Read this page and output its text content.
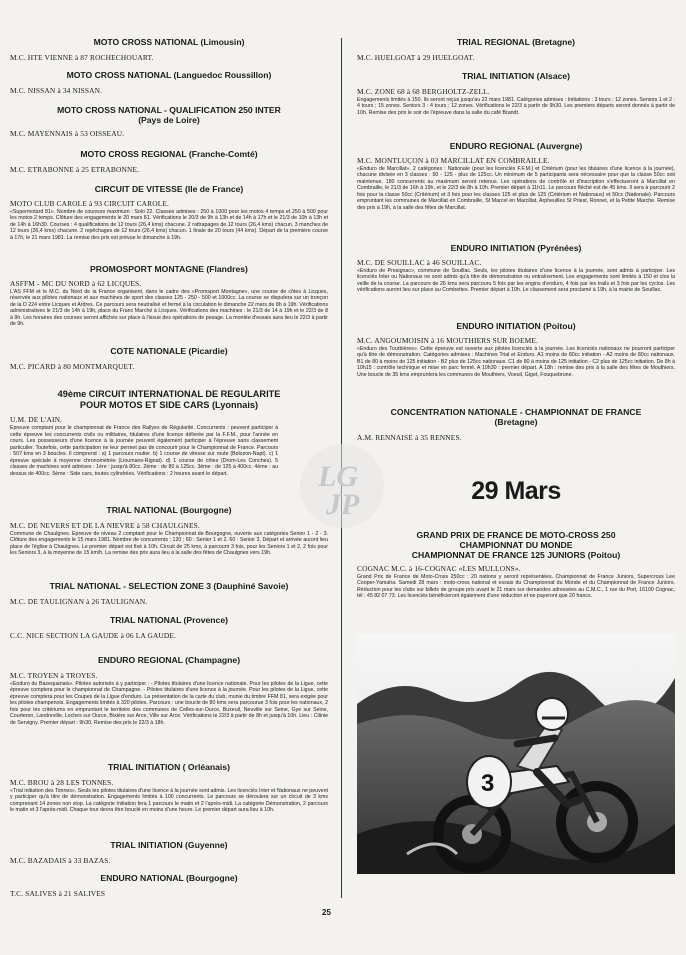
MOTO CROSS NATIONAL (Limousin)

M.C. HTE VIENNE à 87 ROCHECHOUART.

MOTO CROSS NATIONAL (Languedoc Roussillon)

M.C. NISSAN à 34 NISSAN.

MOTO CROSS NATIONAL - QUALIFICATION 250 INTER

(Pays de Loire)

M.C. MAYENNAIS à 53 OISSEAU.

MOTO CROSS REGIONAL (Franche-Comté)

M.C. ETRABONNE à 25 ETRABONNE.

CIRCUIT DE VITESSE (Ile de France)

MOTO CLUB CAROLE à 93 CIRCUIT CAROLE.

«Supermotard 81». Nombre de coureurs maximum : Solo 22. Classes admises : 250 à 1000 pour les motos 4 temps et 250 à 500 pour les motos 2 temps. Clôture des engagements le 20 mars 81. Vérifications le 20/3 de 9h à 13h et de 14h à 17h et le 21/3 de 10h à 13h et de 14h à 16h30. Courses : 4 qualifications de 12 tours (26,4 kms) chacune. 2 rattrapages de 12 tours (26,4 kms) chacun. 3 manches de 12 tours (26,4 kms) chacune. 2 repêchages de 12 tours (26,4 kms) chacun. 1 finale de 20 tours (44 kms). Départ de la première course à 17h, le 21 mars 1981. La remise des prix est prévue le dimanche à 19h.

PROMOSPORT MONTAGNE (Flandres)

ASFFM - MC DU NORD à 62 LICQUES.

L'AS FFM et le M.C. du Nord de la France organisent, dans le cadre des «Promsport Montagne», une course de côtes à Licques, réservée aux pilotes nationaux et aux machines de sport des classes 125 - 250 - 500 et 1000cc. La course se disputera sur un tronçon de la D 224 entre Licques et Ardres. Ce parcours sera neutralisé et fermé à la circulation le dimanche 22 mars de 8h à 19h. Vérifications administratives le 21/3 de 14h à 19h, place du Franc Marché à Licques. Vérifications des machines : le 21/3 de 14 à 19h et le 22/3 de 8 à 9h. Les horaires des courses seront affichés sur place à l'issue des opérations de pesage. La montée d'essais aura lieu le 22/3 à partir de 9h.

COTE NATIONALE (Picardie)

M.C. PICARD à 80 MONTMARQUET.

49ème CIRCUIT INTERNATIONAL DE REGULARITE

POUR MOTOS ET SIDE CARS (Lyonnais)

U.M. DE L'AIN.

Epreuve comptant pour le championnat de France des Rallyes de Régularité. Concurrents : peuvent participer à cette épreuve les concurrents civils ou militaires, titulaires d'une licence délivrée par la F.F.M., pour l'année en cours. Les possesseurs d'une licence à la journée peuvent également participer à l'épreuve sans classement particulier. Toutefois, cette participation ne leur permet pas de concourir pour le Championnat de France. Parcours : 507 kms en 3 boucles. Il comprend : a) 1 parcours routier. b) 1 course de vitesse sur route (Bolozon-Napt). c) 1 épreuve spéciale à moyenne chronométrée (Lioumans-Rignat). d) 1 course de côtes (Drom-Les Conches). 5 classes de machines sont admises : 1ère : jusqu'à 80cc. 2ème : de 80 à 125cc. 3ème : de 125 à 400cc. 4ème : au dessus de 400cc. 5ème : Side cars, toutes cylindrées. Vérifications : 2 heures avant le départ.

TRIAL NATIONAL (Bourgogne)

M.C. DE NEVERS ET DE LA NIEVRE à 58 CHAULGNES.

Commune de Chaulgnes. Epreuve de niveau 2 comptant pour le Championnat de Bourgogne, ouverte aux catégories Senior 1 - 2 - 3. Clôture des engagements le 15 mars 1981. Nombre de concurrents : 120 ; 60 : Senior 1 et 2. 60 : Senior 3. Départ et arrivée auront lieu place de l'église à Chaulgnes. Le premier départ est fixé à 10h. Circuit de 25 kms, à parcourir 3 fois, pour les Seniors 1 et 2, 2 fois pour les Seniors 3, à la moyenne de 15 km/h. La remise des prix aura lieu à la salle des fêtes de Chaulgnes vers 19h.

TRIAL NATIONAL - SELECTION ZONE 3 (Dauphiné Savoie)

M.C. DE TAULIGNAN à 26 TAULIGNAN.

TRIAL NATIONAL (Provence)

C.C. NICE SECTION LA GAUDE à 06 LA GAUDE.

ENDURO REGIONAL (Champagne)

M.C. TROYEN à TROYES.

«Enduro du Basequanais». Pilotes autorisés à y participer : - Pilotes titulaires d'une licence nationale. Pour les pilotes de la Ligue, cette épreuve comptera pour le championnat de Champagne. - Pilotes titulaires d'une licence à la journée. Pour les pilotes de la Ligue, cette épreuve comptera pour les Coupes de la Ligue d'enduro. La présentation de la carte du club, munie du timbre FFM 81, sera exigée pour les pilotes champenois. Engagements limités à 320 pilotes. Parcours : une boucle de 80 kms sera parcourue 3 fois pour les nationaux, 2 fois pour les critériums en empruntant le territoire des communes de Celles-sur-Ource, Buxeuil, Neuville sur Seine, Gye sur Seine, Courteron, Landreville, Loches sur Ource, Bixière sur Arce, Ville sur Arce. Vérifications le 22/3 à partir de 8h et jusqu'à 10h. Lieu : Cilinie de Servigny. Premier départ : 9h30. Remise des prix le 22/3 à 18h.

TRIAL INITIATION ( Orléanais)

M.C. BROU à 28 LES TONNES.

«Trial initiation des Tonnes». Seuls les pilotes titulaires d'une licence à la journée sont admis. Les licenciés Inter et Nationaux ne peuvent y participer qu'à titre de démonstration. Engagements limités à 100 concurrents. Le parcours se déroulera sur un circuit de 3 kms comprenant 14 zones non stop. La catégorie Initiation fera 1 parcours le matin et 2 l'après-midi. La catégorie Démonstration, 2 parcours le matin et 3 l'après-midi. Chaque tour devra être bouclé en moins d'une heure. Le premier départ aura lieu à 10h.

TRIAL INITIATION (Guyenne)

M.C. BAZADAIS à 33 BAZAS.

ENDURO NATIONAL (Bourgogne)

T.C. SALIVES à 21 SALIVES

TRIAL REGIONAL (Bretagne)

M.C. HUELGOAT à 29 HUELGOAT.

TRIAL INITIATION (Alsace)

M.C. ZONE 68 à 68 BERGHOLTZ-ZELL.

Engagements limités à 150. Ils seront reçus jusqu'au 22 mars 1981. Catégories admises : Initiations : 3 tours ; 12 zones. Seniors 1 et 2 : 4 tours ; 15 zones. Seniors 3 : 4 tours ; 12 zones. Vérifications le 22/3 à partir de 9h30. Les premiers départs seront donnés à partir de 10h. Remise des prix le soir de l'épreuve dans la salle du café Brandt.

ENDURO REGIONAL (Auvergne)

M.C. MONTLUÇON à 03 MARCILLAT EN COMBRAILLE.

«Enduro de Marcillat». 2 catégories : Nationale (pour les licenciés F.F.M.) et Critérium (pour les titulaires d'une licence à la journée), chacune divisée en 3 classes : 50 - 125 - plus de 125cc. Un minimum de 5 participants sera nécessaire pour que la classe 50cc soit maintenue. 180 concurrents au maximum seront retenus. Les opérations de contrôle et d'inscription s'effectueront à Marcillat en Combraille, le 21/3 de 16h à 19h, et le 22/3 de 8h à 10h. Premier départ à 11h11. Le parcours fléché est de 45 kms. Il sera à parcourir 2 fois pour la classe 50cc (Critérium) et 3 fois pour les classes 125 et plus de 125 (Critérium et Nationaux) et 50cc (Nationale). Parcours empruntant les communes de Marcillat en Combraille, St Marcel en Marcillat, Arpheuilles St Priest, Ronnet, et la Petite Marche. Remise des prix à 19h, à la salle des fêtes de Marcillat.

ENDURO INITIATION (Pyrénées)

M.C. DE SOUILLAC à 46 SOUILLAC.

«Enduro de Presignac», commune de Souillac. Seuls, les pilotes titulaires d'une licence à la journée, sont admis à participer. Les licenciés Inter ou Nationaux ne sont admis qu'à titre de démonstration ou entraînement. Les engagements sont limités à 150 et clos la veille de la course. La parcours de 26 kms sera parcouru 5 fois par les engins d'enduro, 4 fois par les trails et 3 fois par les cyclos. Les vérifications auront lieu sur place au Combettes. Premier départ à 10h. Le classement sera proclamé à 19h, à la mairie de Souillac.

ENDURO INITIATION (Poitou)

M.C. ANGOUMOISIN à 16 MOUTHIERS SUR BOEME.

«Enduro des Tourbières». Cette épreuve est ouverte aux pilotes licenciés à la journée. Les licenciés nationaux ne pourront participer qu'à titre de démonstration. Catégories admises : Machines Trial et Enduro. A1 moins de 80cc initiation - A2 moins de 80cc nationaux. B1 de 80 à moins de 125 initiation - B2 plus de 125cc nationaux. C1 de 80 à moins de 125 initiation - C2 plus de 125cc initiation. De 8h à 10h15 : contrôle technique et mise en parc fermé. A 10h30 : premier départ. A 18h : remise des prix à la salle des fêtes de Mouthiers. Une boucle de 35 kms empruntera les communes de Mouthiers, Voeuil, Giget, Fouquebrune.

CONCENTRATION NATIONALE - CHAMPIONNAT DE FRANCE

(Bretagne)

A.M. RENNAISE à 35 RENNES.

29 Mars

GRAND PRIX DE FRANCE DE MOTO-CROSS 250

CHAMPIONNAT DU MONDE

CHAMPIONNAT DE FRANCE 125 JUNIORS (Poitou)

COGNAC M.C. à 16-COGNAC «LES MULLONS».

Grand Prix de France de Moto-Cross 250cc : 20 nations y seront représentées. Championnat de France Juniors, Supercross Lee Cooper-Yamaha. Samedi 28 mars : moto-cross national et essais du Championnat du Monde et du Championnat de France Juniors. Réduction pour les clubs sur billets de groupe prix avant le 21 mars sur demandes adressées au C.M.C., 1 rue du Port, 16100 Cognac, tél : 45 82 07 73. Les licenciés bénéficieront également d'une réduction et ne payeront que 20 francs.

3
LG
JP
25
